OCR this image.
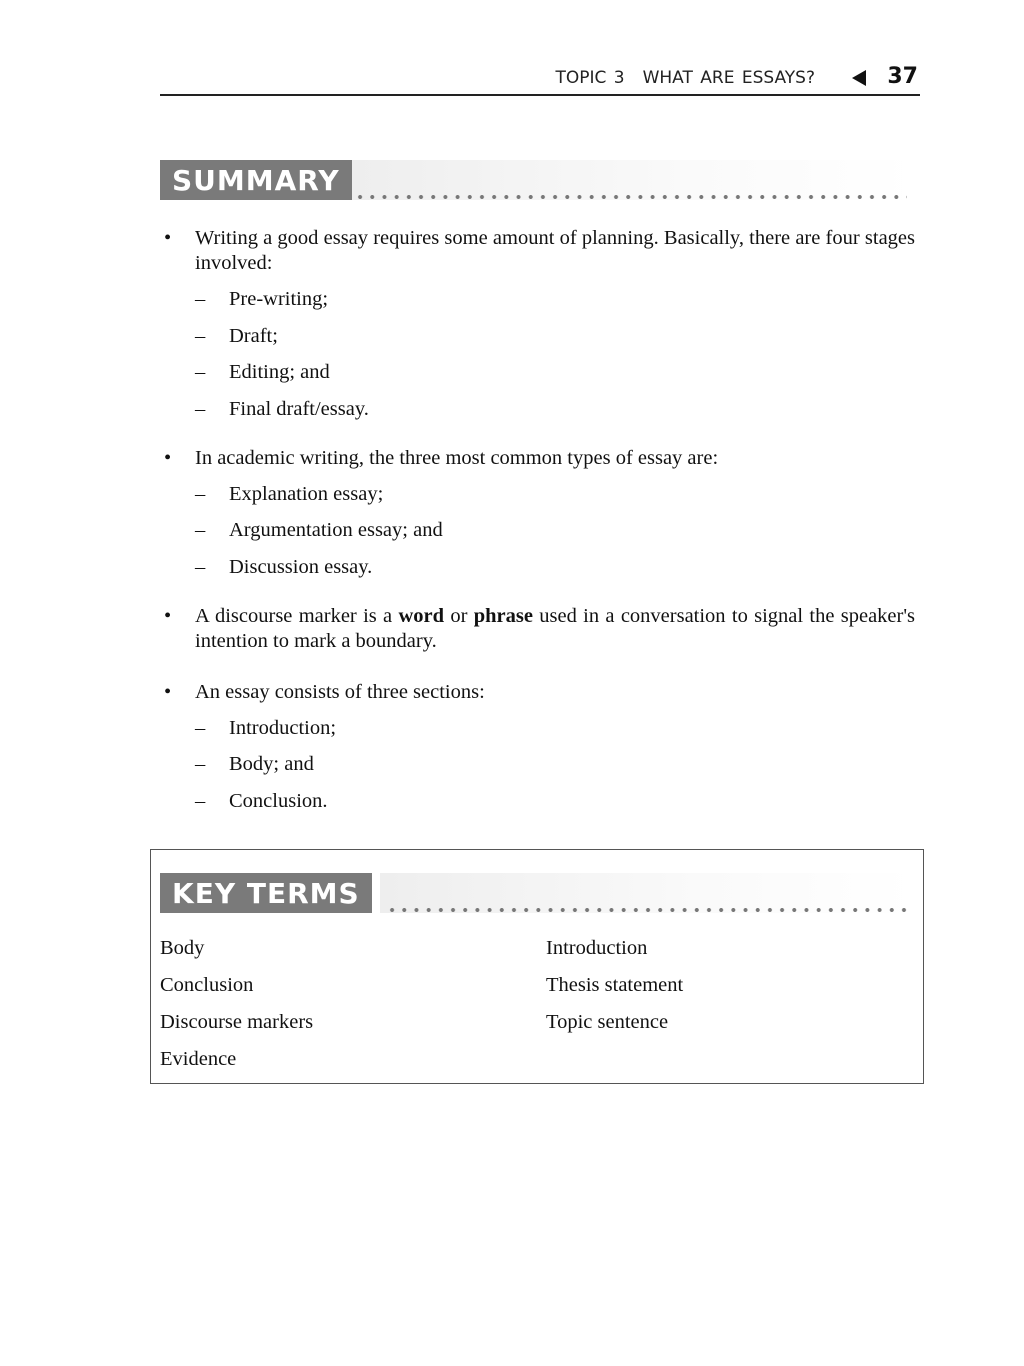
TOPIC 3 WHAT ARE ESSAYS?	37
SUMMARY
• Writing a good essay requires some amount of planning. Basically, there are four stages involved:
– Pre-writing;
– Draft;
– Editing; and
– Final draft/essay.
• In academic writing, the three most common types of essay are:
– Explanation essay;
– Argumentation essay; and
– Discussion essay.
• A discourse marker is a word or phrase used in a conversation to signal the speaker's intention to mark a boundary.
• An essay consists of three sections:
– Introduction;
– Body; and
– Conclusion.
KEY TERMS
Body
Conclusion
Discourse markers
Evidence
Introduction
Thesis statement
Topic sentence
